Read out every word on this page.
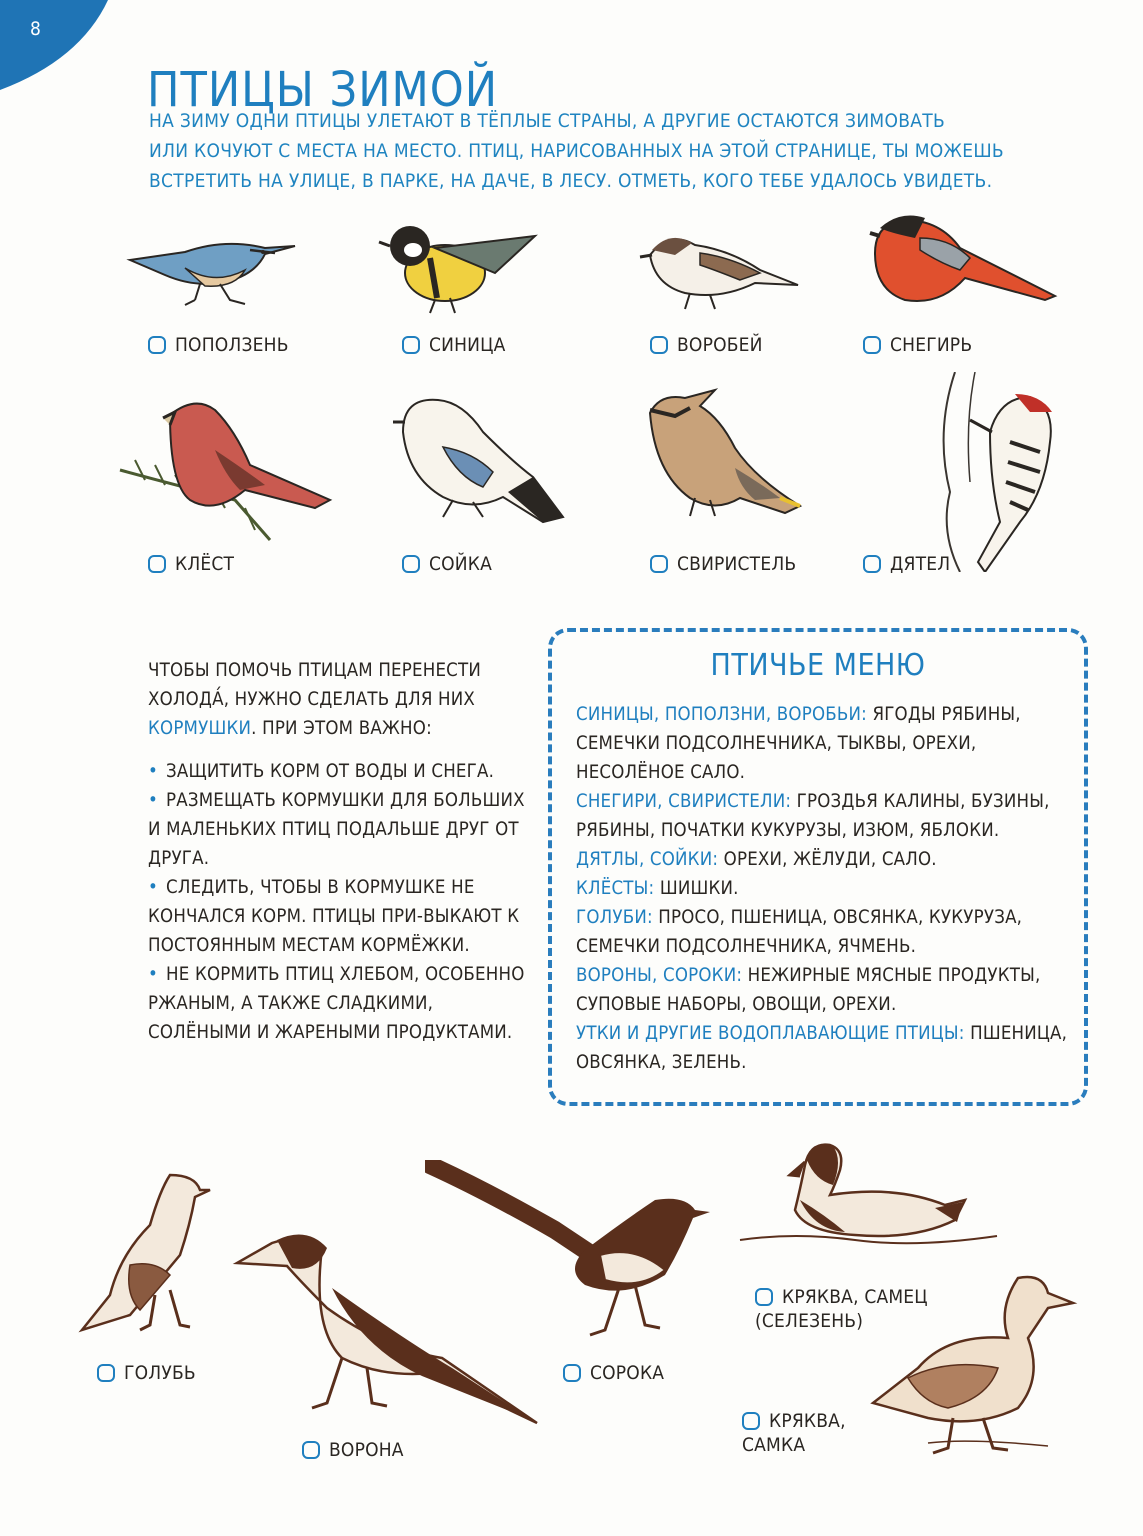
8
ПТИЦЫ ЗИМОЙ

НА ЗИМУ ОДНИ ПТИЦЫ УЛЕТАЮТ В ТЁПЛЫЕ СТРАНЫ, А ДРУГИЕ ОСТАЮТСЯ ЗИМОВАТЬ

ИЛИ КОЧУЮТ С МЕСТА НА МЕСТО. ПТИЦ, НАРИСОВАННЫХ НА ЭТОЙ СТРАНИЦЕ, ТЫ МОЖЕШЬ

ВСТРЕТИТЬ НА УЛИЦЕ, В ПАРКЕ, НА ДАЧЕ, В ЛЕСУ. ОТМЕТЬ, КОГО ТЕБЕ УДАЛОСЬ УВИДЕТЬ.

ПОПОЛЗЕНЬ	СИНИЦА	ВОРОБЕЙ	СНЕГИРЬ
КЛЁСТ	СОЙКА	СВИРИСТЕЛЬ	ДЯТЕЛ

ЧТОБЫ ПОМОЧЬ ПТИЦАМ ПЕРЕНЕСТИ
ХОЛОДА́, НУЖНО СДЕЛАТЬ ДЛЯ НИХ
КОРМУШКИ. ПРИ ЭТОМ ВАЖНО:

• ЗАЩИТИТЬ КОРМ ОТ ВОДЫ И СНЕГА.
• РАЗМЕЩАТЬ КОРМУШКИ ДЛЯ БОЛЬШИХ И МАЛЕНЬКИХ ПТИЦ ПОДАЛЬШЕ ДРУГ ОТ ДРУГА.
• СЛЕДИТЬ, ЧТОБЫ В КОРМУШКЕ НЕ КОНЧАЛСЯ КОРМ. ПТИЦЫ ПРИ-ВЫКАЮТ К ПОСТОЯННЫМ МЕСТАМ КОРМЁЖКИ.
• НЕ КОРМИТЬ ПТИЦ ХЛЕБОМ, ОСОБЕННО РЖАНЫМ, А ТАКЖЕ СЛАДКИМИ, СОЛЁНЫМИ И ЖАРЕНЫМИ ПРОДУКТАМИ.
ПТИЧЬЕ МЕНЮ

СИНИЦЫ, ПОПОЛЗНИ, ВОРОБЬИ: ЯГОДЫ РЯБИНЫ, СЕМЕЧКИ ПОДСОЛНЕЧНИКА, ТЫКВЫ, ОРЕХИ, НЕСОЛЁНОЕ САЛО.

СНЕГИРИ, СВИРИСТЕЛИ: ГРОЗДЬЯ КАЛИНЫ, БУЗИНЫ, РЯБИНЫ, ПОЧАТКИ КУКУРУЗЫ, ИЗЮМ, ЯБЛОКИ.

ДЯТЛЫ, СОЙКИ: ОРЕХИ, ЖЁЛУДИ, САЛО.

КЛЁСТЫ: ШИШКИ.

ГОЛУБИ: ПРОСО, ПШЕНИЦА, ОВСЯНКА, КУКУРУЗА, СЕМЕЧКИ ПОДСОЛНЕЧНИКА, ЯЧМЕНЬ.

ВОРОНЫ, СОРОКИ: НЕЖИРНЫЕ МЯСНЫЕ ПРОДУКТЫ, СУПОВЫЕ НАБОРЫ, ОВОЩИ, ОРЕХИ.

УТКИ И ДРУГИЕ ВОДОПЛАВАЮЩИЕ ПТИЦЫ: ПШЕНИЦА, ОВСЯНКА, ЗЕЛЕНЬ.

ГОЛУБЬ
ВОРОНА
СОРОКА
КРЯКВА, САМЕЦ
(СЕЛЕЗЕНЬ)
КРЯКВА,
САМКА
